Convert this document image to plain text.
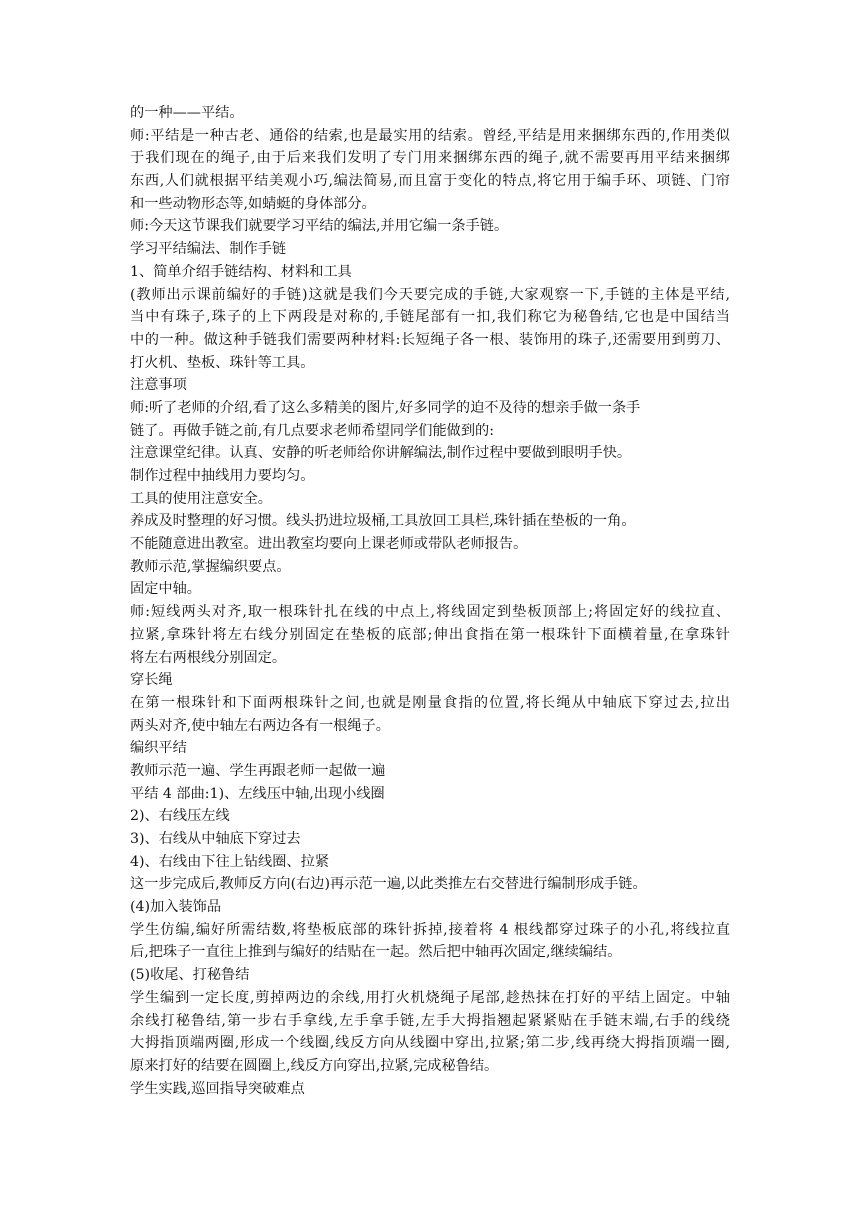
的一种——平结。

师:平结是一种古老、通俗的结索,也是最实用的结索。曾经,平结是用来捆绑东西的,作用类似

于我们现在的绳子,由于后来我们发明了专门用来捆绑东西的绳子,就不需要再用平结来捆绑

东西,人们就根据平结美观小巧,编法简易,而且富于变化的特点,将它用于编手环、项链、门帘

和一些动物形态等,如蜻蜓的身体部分。

师:今天这节课我们就要学习平结的编法,并用它编一条手链。

学习平结编法、制作手链

1、简单介绍手链结构、材料和工具

(教师出示课前编好的手链)这就是我们今天要完成的手链,大家观察一下,手链的主体是平结,

当中有珠子,珠子的上下两段是对称的,手链尾部有一扣,我们称它为秘鲁结,它也是中国结当

中的一种。做这种手链我们需要两种材料:长短绳子各一根、装饰用的珠子,还需要用到剪刀、

打火机、垫板、珠针等工具。

注意事项

师:听了老师的介绍,看了这么多精美的图片,好多同学的迫不及待的想亲手做一条手

链了。再做手链之前,有几点要求老师希望同学们能做到的:

注意课堂纪律。认真、安静的听老师给你讲解编法,制作过程中要做到眼明手快。

制作过程中抽线用力要均匀。

工具的使用注意安全。

养成及时整理的好习惯。线头扔进垃圾桶,工具放回工具栏,珠针插在垫板的一角。

不能随意进出教室。进出教室均要向上课老师或带队老师报告。

教师示范,掌握编织要点。

固定中轴。

师:短线两头对齐,取一根珠针扎在线的中点上,将线固定到垫板顶部上;将固定好的线拉直、

拉紧,拿珠针将左右线分别固定在垫板的底部;伸出食指在第一根珠针下面横着量,在拿珠针

将左右两根线分别固定。

穿长绳

在第一根珠针和下面两根珠针之间,也就是刚量食指的位置,将长绳从中轴底下穿过去,拉出

两头对齐,使中轴左右两边各有一根绳子。

编织平结

教师示范一遍、学生再跟老师一起做一遍

平结 4 部曲:1)、左线压中轴,出现小线圈

2)、右线压左线

3)、右线从中轴底下穿过去

4)、右线由下往上钻线圈、拉紧

这一步完成后,教师反方向(右边)再示范一遍,以此类推左右交替进行编制形成手链。

(4)加入装饰品

学生仿编,编好所需结数,将垫板底部的珠针拆掉,接着将 4 根线都穿过珠子的小孔,将线拉直

后,把珠子一直往上推到与编好的结贴在一起。然后把中轴再次固定,继续编结。

(5)收尾、打秘鲁结

学生编到一定长度,剪掉两边的余线,用打火机烧绳子尾部,趁热抹在打好的平结上固定。中轴

余线打秘鲁结,第一步右手拿线,左手拿手链,左手大拇指翘起紧紧贴在手链末端,右手的线绕

大拇指顶端两圈,形成一个线圈,线反方向从线圈中穿出,拉紧;第二步,线再绕大拇指顶端一圈,

原来打好的结要在圆圈上,线反方向穿出,拉紧,完成秘鲁结。

学生实践,巡回指导突破难点
